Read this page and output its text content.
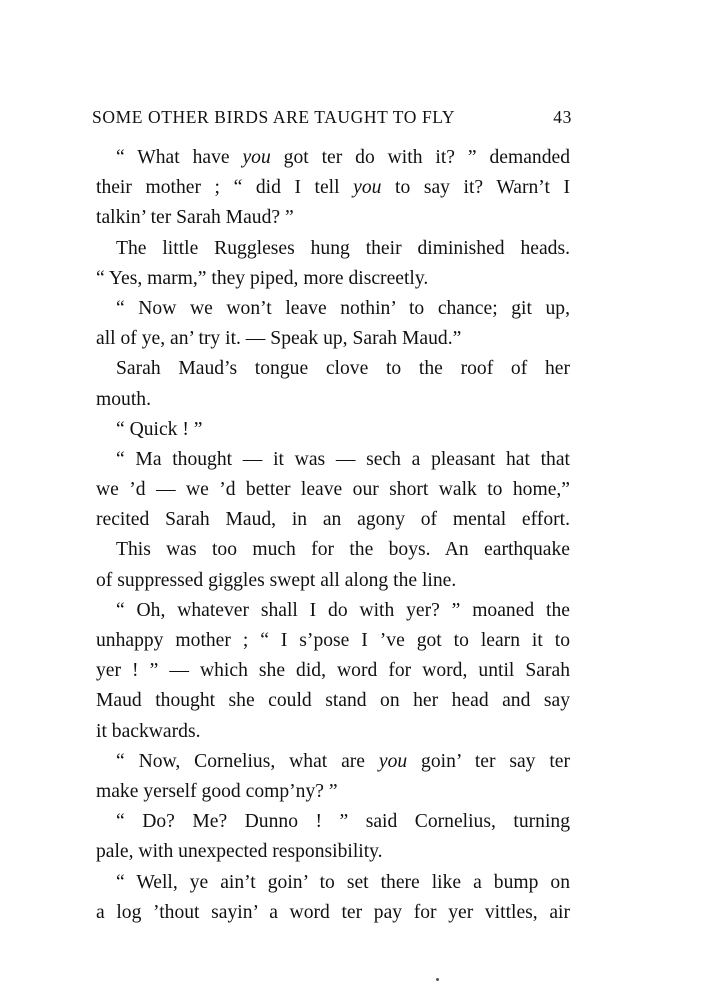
SOME OTHER BIRDS ARE TAUGHT TO FLY	43
“ What have you got ter do with it? ” demanded
their mother ; “ did I tell you to say it? Warn’t I
talkin’ ter Sarah Maud? ”
The little Ruggleses hung their diminished heads.
“ Yes, marm,” they piped, more discreetly.
“ Now we won’t leave nothin’ to chance; git up,
all of ye, an’ try it. — Speak up, Sarah Maud.”
Sarah Maud’s tongue clove to the roof of her
mouth.
“ Quick ! ”
“ Ma thought — it was — sech a pleasant hat that
we ’d — we ’d better leave our short walk to home,”
recited Sarah Maud, in an agony of mental effort.
This was too much for the boys. An earthquake
of suppressed giggles swept all along the line.
“ Oh, whatever shall I do with yer? ” moaned the
unhappy mother ; “ I s’pose I ’ve got to learn it to
yer ! ” — which she did, word for word, until Sarah
Maud thought she could stand on her head and say
it backwards.
“ Now, Cornelius, what are you goin’ ter say ter
make yerself good comp’ny? ”
“ Do? Me? Dunno ! ” said Cornelius, turning
pale, with unexpected responsibility.
“ Well, ye ain’t goin’ to set there like a bump on
a log ’thout sayin’ a word ter pay for yer vittles, air
